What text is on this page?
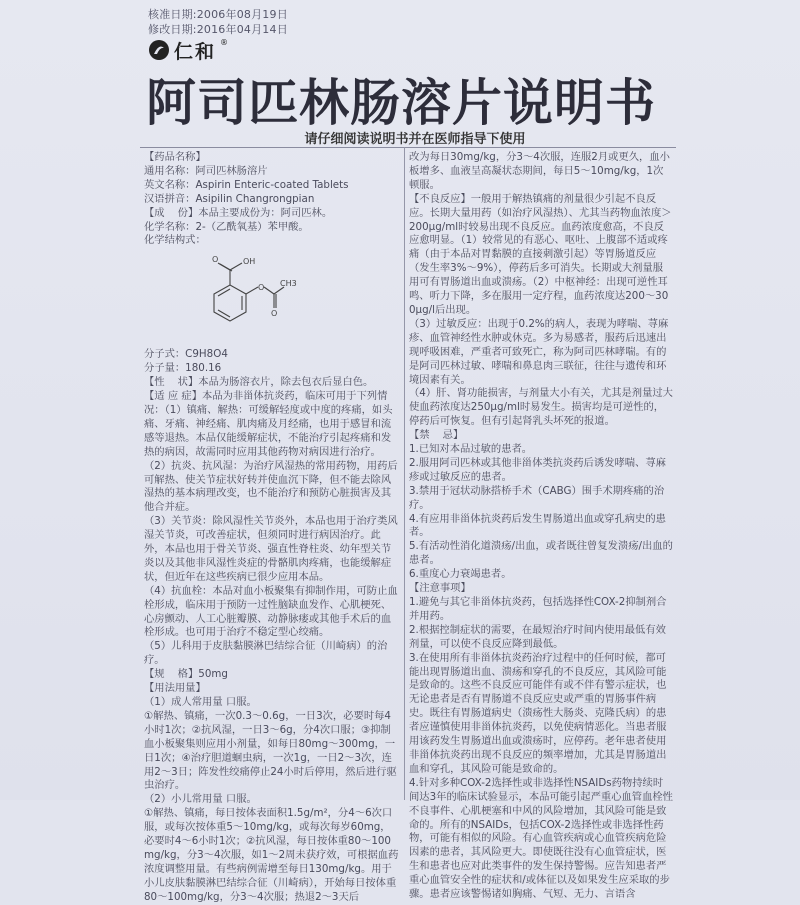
核准日期:2006年08月19日
修改日期:2016年04月14日
仁和 ®
阿司匹林肠溶片说明书
请仔细阅读说明书并在医师指导下使用
【药品名称】
通用名称：阿司匹林肠溶片
英文名称：Aspirin Enteric-coated Tablets
汉语拼音：Asipilin Changrongpian
【成    份】本品主要成份为：阿司匹林。
化学名称：2-（乙酰氧基）苯甲酸。
化学结构式：
O
O
O
OH
CH3
分子式：C9H8O4
分子量：180.16
【性    状】本品为肠溶衣片，除去包衣后显白色。
【适 应 症】本品为非甾体抗炎药，临床可用于下列情况：（1）镇痛、解热：可缓解轻度或中度的疼痛，如头痛、牙痛、神经痛、肌肉痛及月经痛，也用于感冒和流感等退热。本品仅能缓解症状，不能治疗引起疼痛和发热的病因，故需同时应用其他药物对病因进行治疗。
（2）抗炎、抗风湿：为治疗风湿热的常用药物，用药后可解热、使关节症状好转并使血沉下降，但不能去除风湿热的基本病理改变，也不能治疗和预防心脏损害及其他合并症。
（3）关节炎：除风湿性关节炎外，本品也用于治疗类风湿关节炎，可改善症状，但须同时进行病因治疗。此外，本品也用于骨关节炎、强直性脊柱炎、幼年型关节炎以及其他非风湿性炎症的骨骼肌肉疼痛，也能缓解症状，但近年在这些疾病已很少应用本品。
（4）抗血栓：本品对血小板聚集有抑制作用，可防止血栓形成，临床用于预防一过性脑缺血发作、心肌梗死、心房颤动、人工心脏瓣膜、动静脉瘘或其他手术后的血栓形成。也可用于治疗不稳定型心绞痛。
（5）儿科用于皮肤黏膜淋巴结综合征（川崎病）的治疗。
【规    格】50mg
【用法用量】
（1）成人常用量 口服。
①解热、镇痛，一次0.3～0.6g，一日3次，必要时每4小时1次；②抗风湿，一日3～6g，分4次口服；③抑制血小板聚集则应用小剂量，如每日80mg～300mg，一日1次；④治疗胆道蛔虫病，一次1g，一日2～3次，连用2～3日；阵发性绞痛停止24小时后停用，然后进行驱虫治疗。
（2）小儿常用量 口服。
①解热、镇痛，每日按体表面积1.5g/m²，分4～6次口服，或每次按体重5～10mg/kg，或每次每岁60mg，必要时4～6小时1次；②抗风湿，每日按体重80～100mg/kg，分3～4次服，如1～2周未获疗效，可根据血药浓度调整用量。有些病例需增至每日130mg/kg。用于小儿皮肤黏膜淋巴结综合征（川崎病），开始每日按体重80～100mg/kg，分3～4次服；热退2～3天后
改为每日30mg/kg，分3～4次服，连服2月或更久，血小板增多、血液呈高凝状态期间，每日5～10mg/kg，1次顿服。
【不良反应】一般用于解热镇痛的剂量很少引起不良反应。长期大量用药（如治疗风湿热）、尤其当药物血浓度＞200μg/ml时较易出现不良反应。血药浓度愈高，不良反应愈明显。（1）较常见的有恶心、呕吐、上腹部不适或疼痛（由于本品对胃黏膜的直接刺激引起）等胃肠道反应（发生率3%～9%），停药后多可消失。长期或大剂量服用可有胃肠道出血或溃疡。（2）中枢神经：出现可逆性耳鸣、听力下降，多在服用一定疗程，血药浓度达200～300μg/l后出现。
（3）过敏反应：出现于0.2%的病人，表现为哮喘、荨麻疹、血管神经性水肿或休克。多为易感者，服药后迅速出现呼吸困难，严重者可致死亡，称为阿司匹林哮喘。有的是阿司匹林过敏、哮喘和鼻息肉三联征，往往与遗传和环境因素有关。
（4）肝、肾功能损害，与剂量大小有关，尤其是剂量过大使血药浓度达250μg/ml时易发生。损害均是可逆性的，停药后可恢复。但有引起肾乳头坏死的报道。
【禁    忌】
1.已知对本品过敏的患者。
2.服用阿司匹林或其他非甾体类抗炎药后诱发哮喘、荨麻疹或过敏反应的患者。
3.禁用于冠状动脉搭桥手术（CABG）围手术期疼痛的治疗。
4.有应用非甾体抗炎药后发生胃肠道出血或穿孔病史的患者。
5.有活动性消化道溃疡/出血，或者既往曾复发溃疡/出血的患者。
6.重度心力衰竭患者。
【注意事项】
1.避免与其它非甾体抗炎药，包括选择性COX-2抑制剂合并用药。
2.根据控制症状的需要，在最短治疗时间内使用最低有效剂量，可以使不良反应降到最低。
3.在使用所有非甾体抗炎药治疗过程中的任何时候，都可能出现胃肠道出血、溃疡和穿孔的不良反应，其风险可能是致命的。这些不良反应可能伴有或不伴有警示症状，也无论患者是否有胃肠道不良反应史或严重的胃肠事件病史。既往有胃肠道病史（溃疡性大肠炎、克隆氏病）的患者应谨慎使用非甾体抗炎药，以免使病情恶化。当患者服用该药发生胃肠道出血或溃疡时，应停药。老年患者使用非甾体抗炎药出现不良反应的频率增加，尤其是胃肠道出血和穿孔，其风险可能是致命的。
4.针对多种COX-2选择性或非选择性NSAIDs药物持续时间达3年的临床试验显示，本品可能引起严重心血管血栓性不良事件、心肌梗塞和中风的风险增加，其风险可能是致命的。所有的NSAIDs，包括COX-2选择性或非选择性药物，可能有相似的风险。有心血管疾病或心血管疾病危险因素的患者，其风险更大。即使既往没有心血管症状，医生和患者也应对此类事件的发生保持警惕。应告知患者严重心血管安全性的症状和/或体征以及如果发生应采取的步骤。患者应该警惕诸如胸痛、气短、无力、言语含
